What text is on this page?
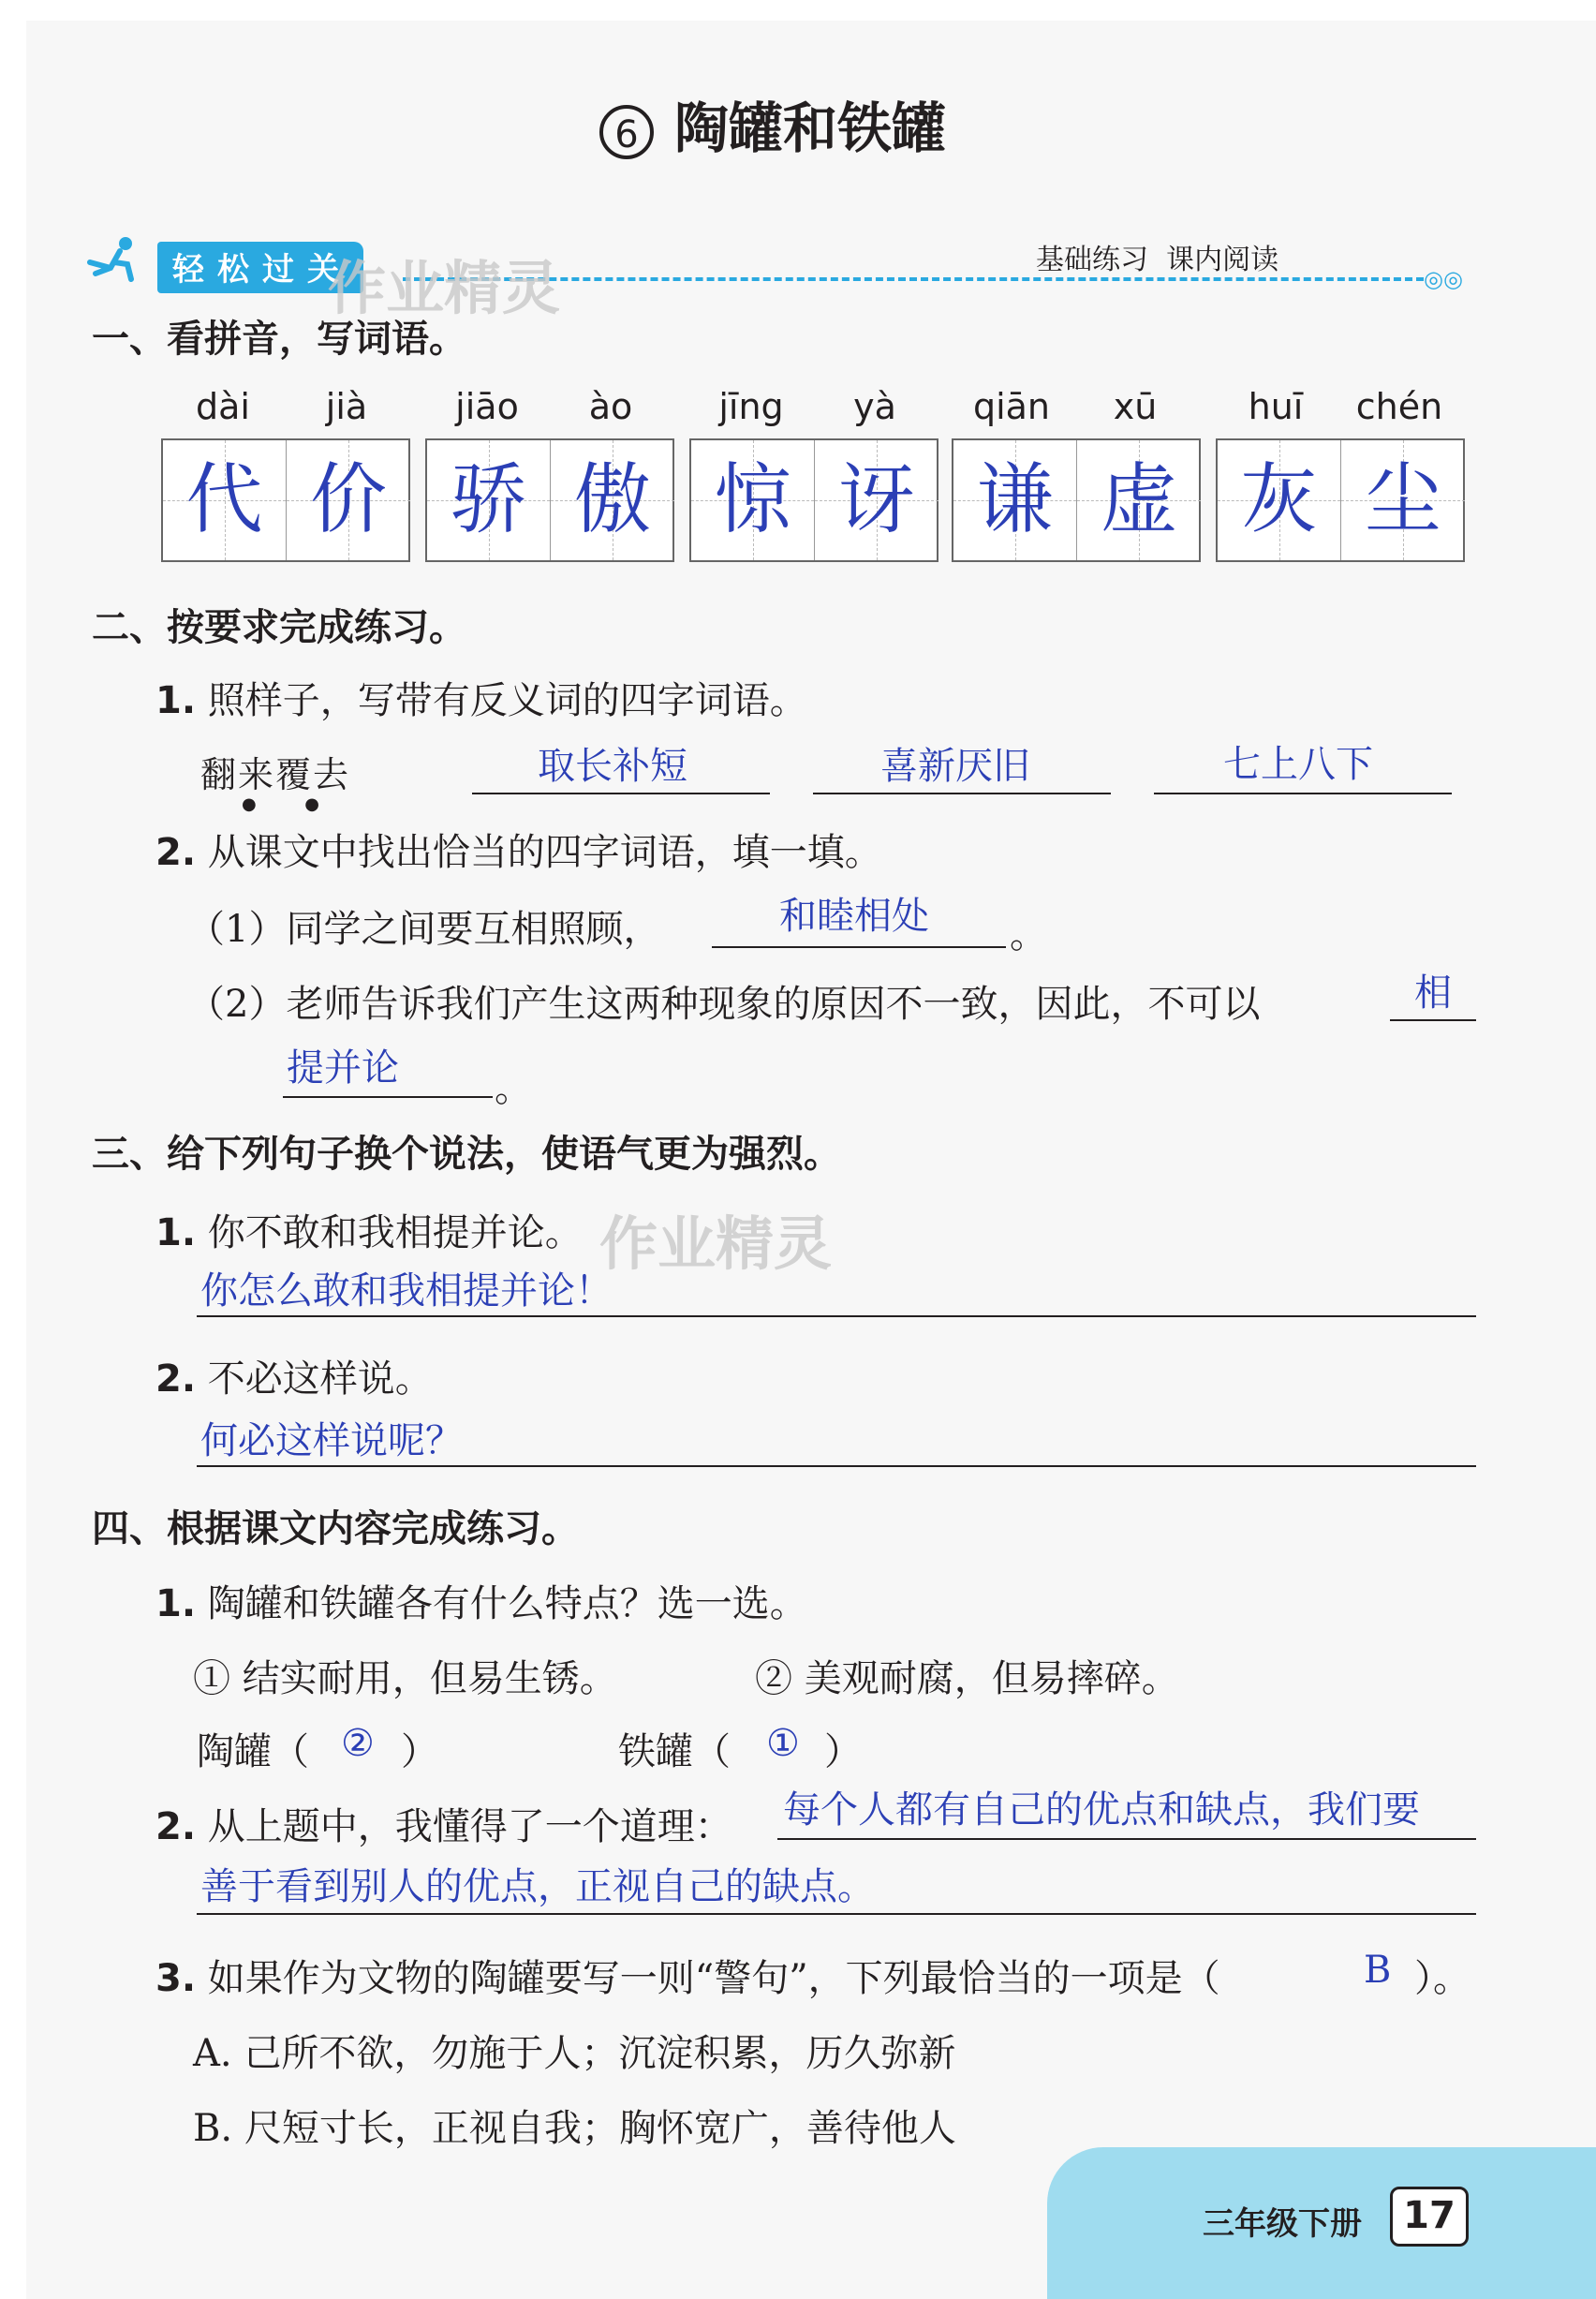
6 陶罐和铁罐
轻松过关	基础练习  课内阅读
◎◎
作业精灵
一、看拼音，写词语。
dài	jià	jiāo	ào	jīng	yà	qiān	xū	huī	chén
代 价 骄 傲 惊 讶 谦 虚 灰 尘
二、按要求完成练习。
1. 照样子，写带有反义词的四字词语。
翻来覆去
●         ●
取长补短	喜新厌旧	七上八下
2. 从课文中找出恰当的四字词语，填一填。
（1）同学之间要互相照顾，	和睦相处 。
（2）老师告诉我们产生这两种现象的原因不一致，因此，不可以	相
提并论	。
三、给下列句子换个说法，使语气更为强烈。
1. 你不敢和我相提并论。 作业精灵
你怎么敢和我相提并论！
2. 不必这样说。
何必这样说呢？
四、根据课文内容完成练习。
1. 陶罐和铁罐各有什么特点？选一选。
① 结实耐用，但易生锈。	② 美观耐腐，但易摔碎。
陶罐（ ② ）	铁罐（ ① ）
2. 从上题中，我懂得了一个道理： 每个人都有自己的优点和缺点，我们要
善于看到别人的优点，正视自己的缺点。
3. 如果作为文物的陶罐要写一则“警句”，下列最恰当的一项是（	B ）。
A. 己所不欲，勿施于人；沉淀积累，历久弥新
B. 尺短寸长，正视自我；胸怀宽广，善待他人
三年级下册	17
